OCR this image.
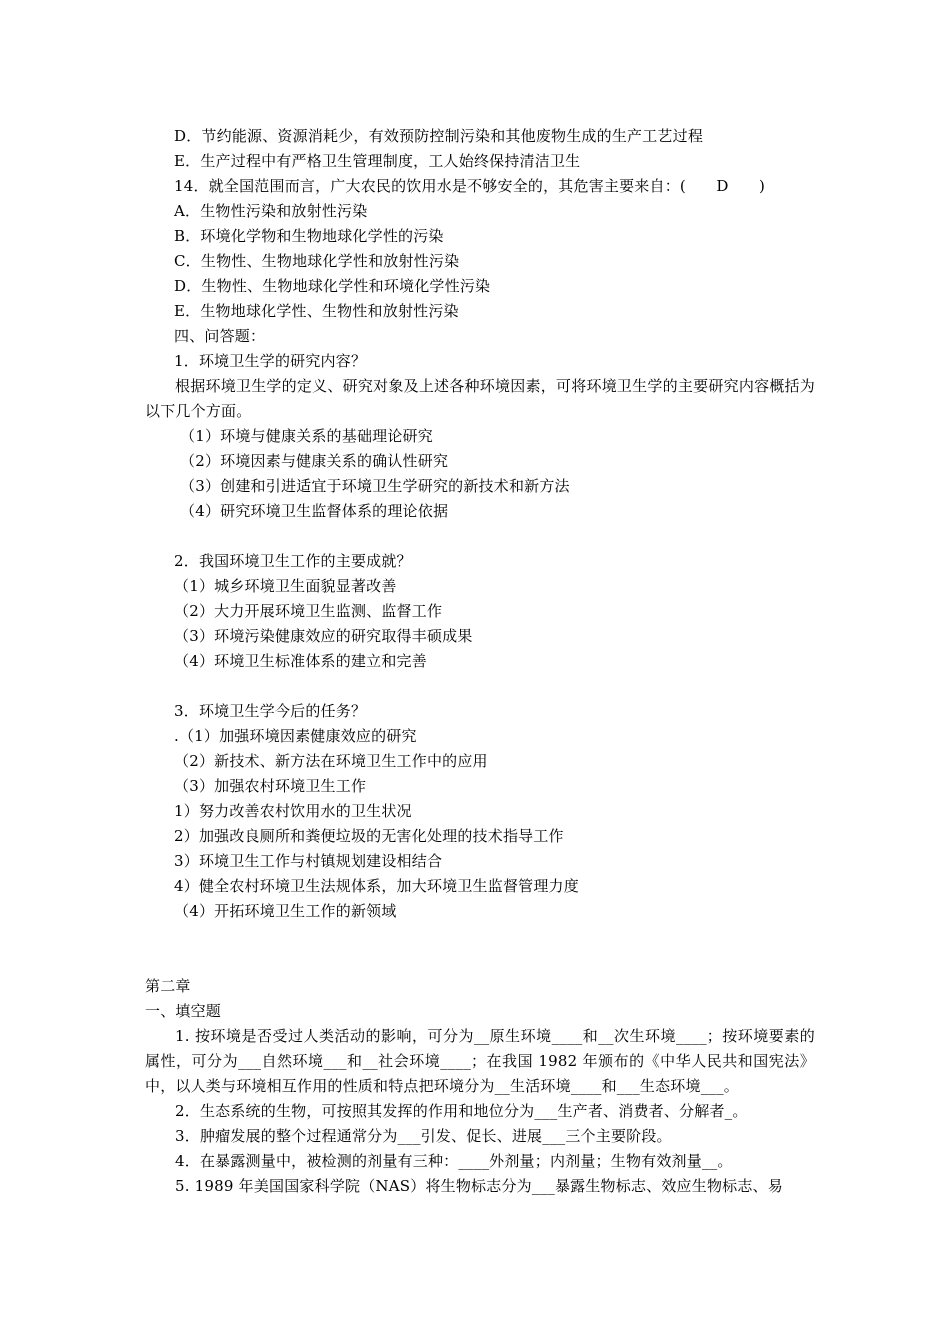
D．节约能源、资源消耗少，有效预防控制污染和其他废物生成的生产工艺过程
E．生产过程中有严格卫生管理制度，工人始终保持清洁卫生
14．就全国范围而言，广大农民的饮用水是不够安全的，其危害主要来自：(　　D　　)
A．生物性污染和放射性污染
B．环境化学物和生物地球化学性的污染
C．生物性、生物地球化学性和放射性污染
D．生物性、生物地球化学性和环境化学性污染
E．生物地球化学性、生物性和放射性污染
四、问答题：
1．环境卫生学的研究内容？
根据环境卫生学的定义、研究对象及上述各种环境因素，可将环境卫生学的主要研究内容概括为以下几个方面。
（1）环境与健康关系的基础理论研究
（2）环境因素与健康关系的确认性研究
（3）创建和引进适宜于环境卫生学研究的新技术和新方法
（4）研究环境卫生监督体系的理论依据
2．我国环境卫生工作的主要成就？
（1）城乡环境卫生面貌显著改善
（2）大力开展环境卫生监测、监督工作
（3）环境污染健康效应的研究取得丰硕成果
（4）环境卫生标准体系的建立和完善
3．环境卫生学今后的任务？
.（1）加强环境因素健康效应的研究
（2）新技术、新方法在环境卫生工作中的应用
（3）加强农村环境卫生工作
1）努力改善农村饮用水的卫生状况
2）加强改良厕所和粪便垃圾的无害化处理的技术指导工作
3）环境卫生工作与村镇规划建设相结合
4）健全农村环境卫生法规体系，加大环境卫生监督管理力度
（4）开拓环境卫生工作的新领域
第二章
一、填空题
1. 按环境是否受过人类活动的影响，可分为__原生环境____和__次生环境____；按环境要素的属性，可分为___自然环境___和__社会环境____；在我国 1982 年颁布的《中华人民共和国宪法》中，以人类与环境相互作用的性质和特点把环境分为__生活环境____和___生态环境___。
2．生态系统的生物，可按照其发挥的作用和地位分为___生产者、消费者、分解者_。
3．肿瘤发展的整个过程通常分为___引发、促长、进展___三个主要阶段。
4．在暴露测量中，被检测的剂量有三种：____外剂量；内剂量；生物有效剂量__。
5. 1989 年美国国家科学院（NAS）将生物标志分为___暴露生物标志、效应生物标志、易
